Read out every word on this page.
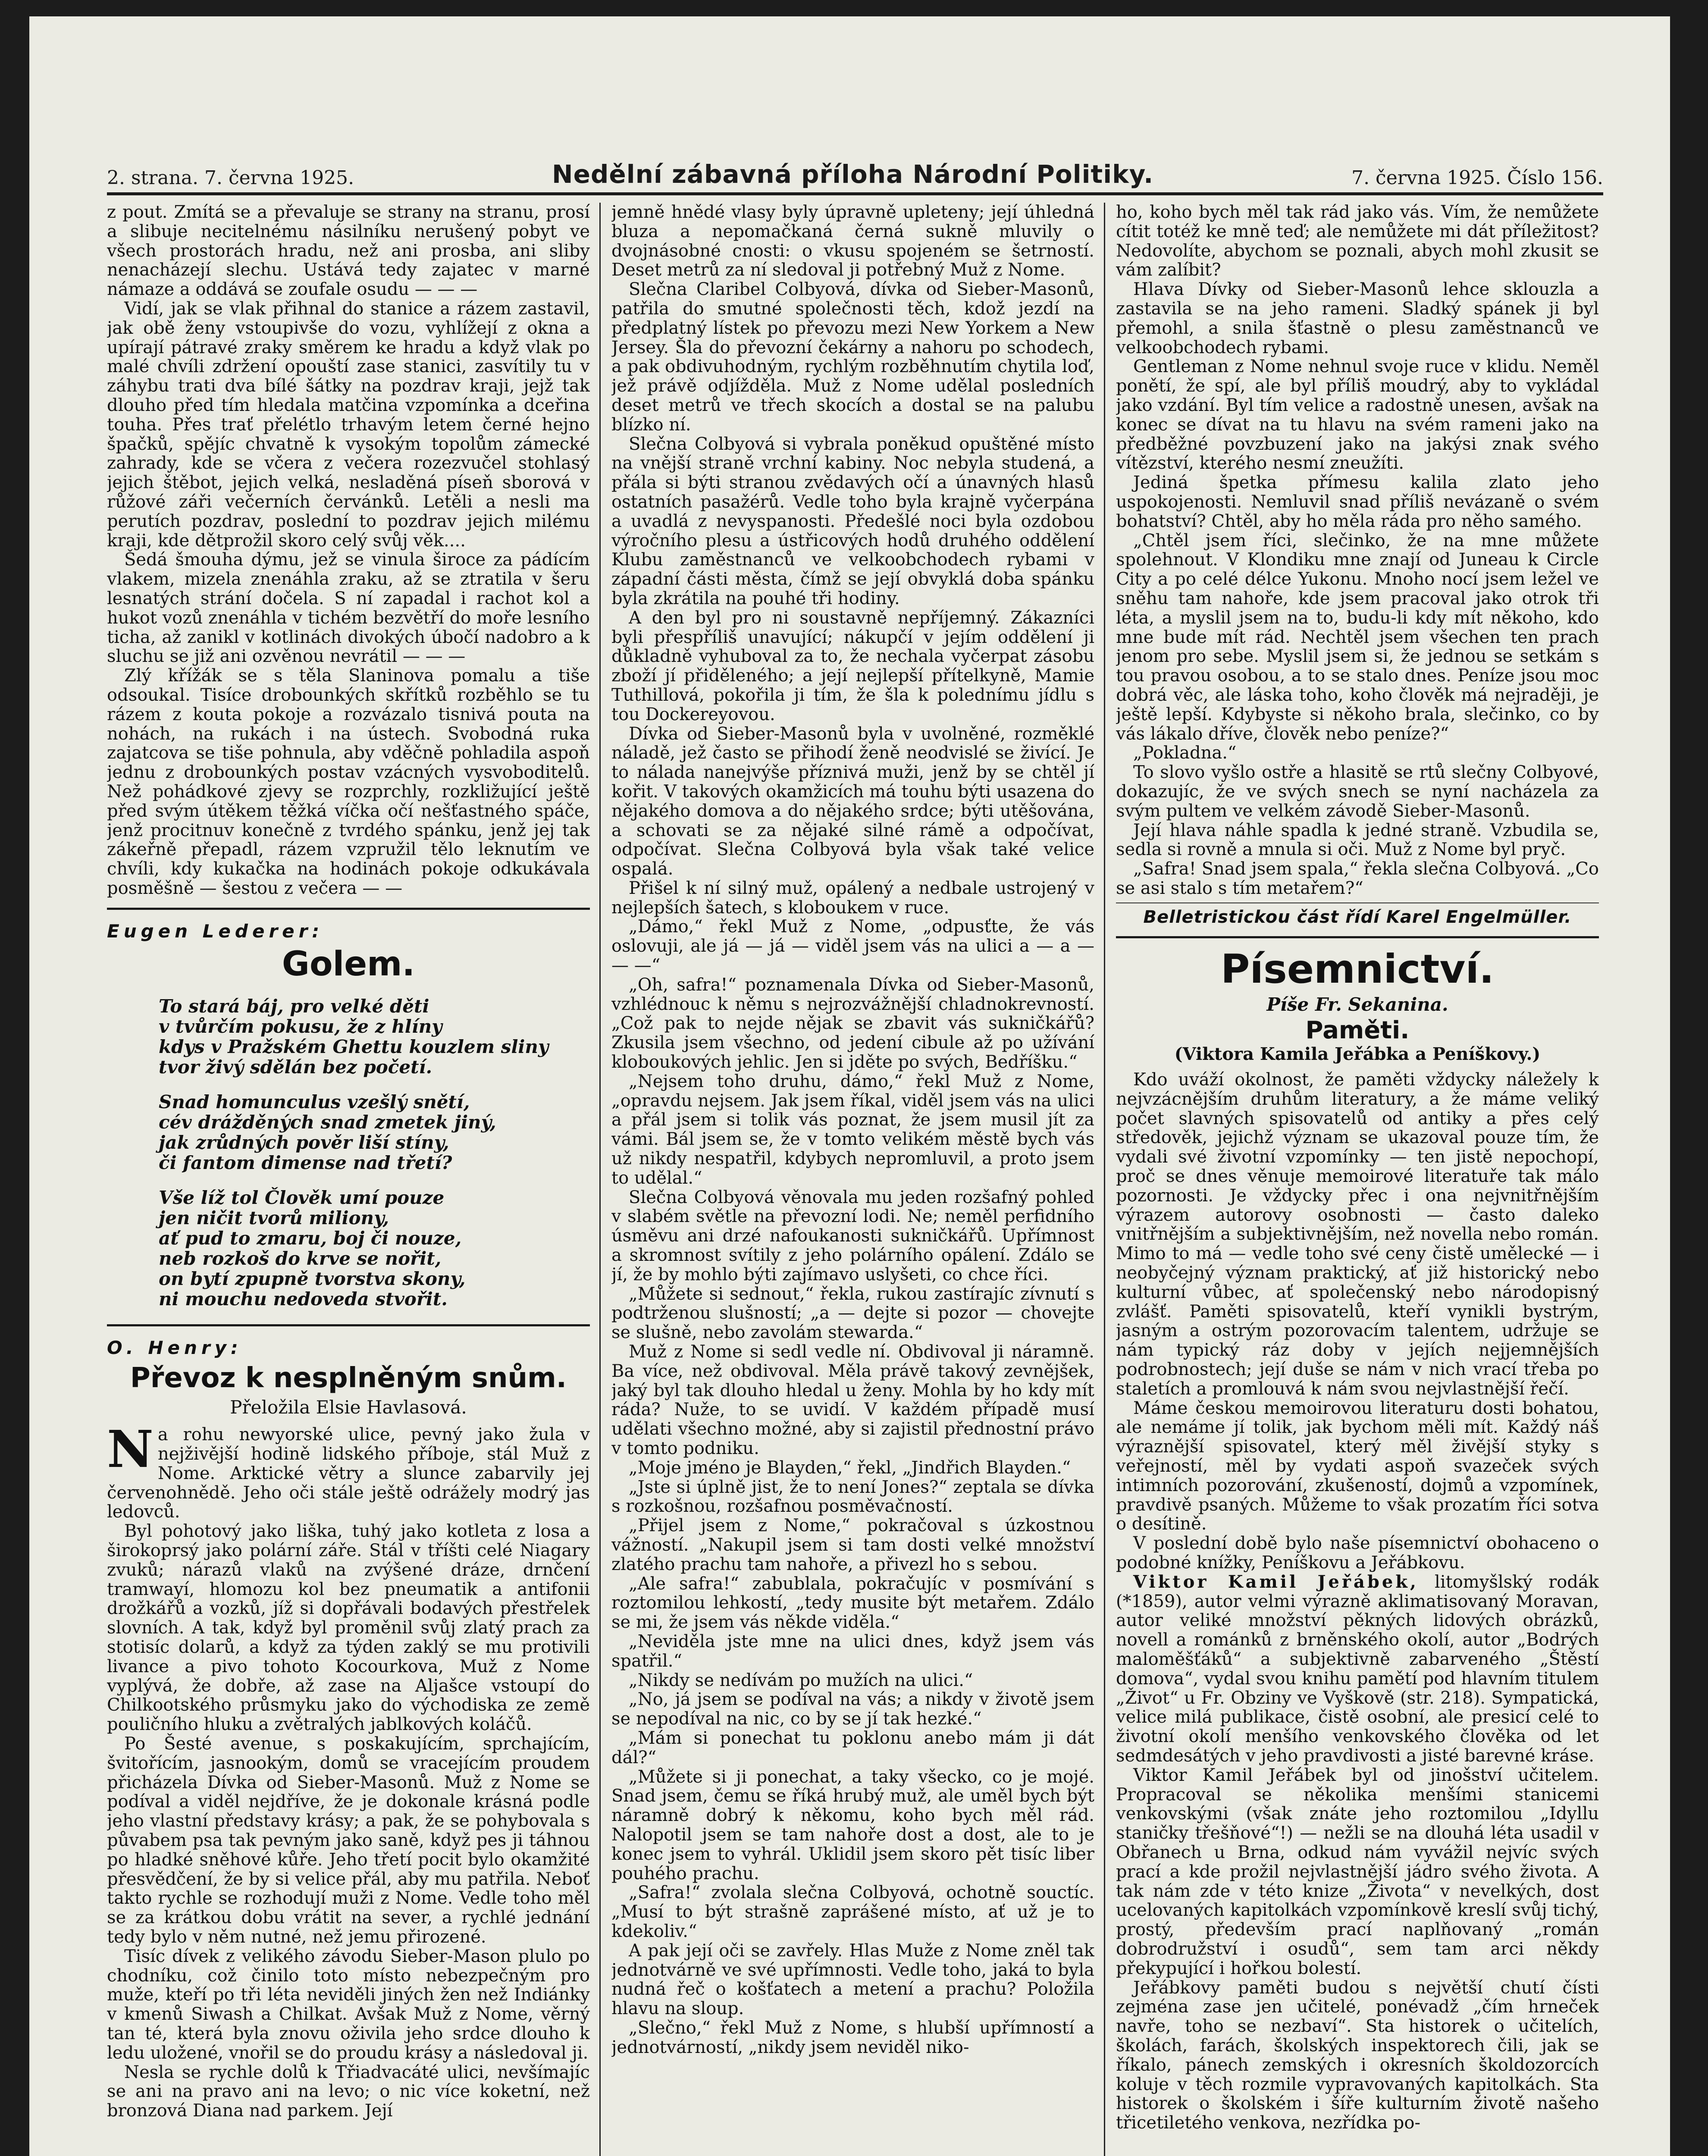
2. strana. 7. června 1925.	Nedělní zábavná příloha Národní Politiky.	7. června 1925. Číslo 156.

z pout. Zmítá se a převaluje se strany na stranu, prosí a slibuje necitelnému násilníku nerušený pobyt ve všech prostorách hradu, než ani prosba, ani sliby nenacházejí slechu. Ustává tedy zajatec v marné námaze a oddává se zoufale osudu — — —

Vidí, jak se vlak přihnal do stanice a rázem zastavil, jak obě ženy vstoupivše do vozu, vyhlížejí z okna a upírají pátravé zraky směrem ke hradu a když vlak po malé chvíli zdržení opouští zase stanici, zasvítily tu v záhybu trati dva bílé šátky na pozdrav kraji, jejž tak dlouho před tím hledala matčina vzpomínka a dceřina touha. Přes trať přelétlo trhavým letem černé hejno špačků, spějíc chvatně k vysokým topolům zámecké zahrady, kde se včera z večera rozezvučel stohlasý jejich štěbot, jejich velká, nesladěná píseň sborová v růžové záři večerních červánků. Letěli a nesli ma perutích pozdrav, poslední to pozdrav jejich milému kraji, kde dětprožil skoro celý svůj věk....

Šedá šmouha dýmu, jež se vinula široce za pádícím vlakem, mizela znenáhla zraku, až se ztratila v šeru lesnatých strání dočela. S ní zapadal i rachot kol a hukot vozů znenáhla v tichém bezvětří do moře lesního ticha, až zanikl v kotlinách divokých úbočí nadobro a k sluchu se již ani ozvěnou nevrátil — — —

Zlý křížák se s těla Slaninova pomalu a tiše odsoukal. Tisíce drobounkých skřítků rozběhlo se tu rázem z kouta pokoje a rozvázalo tisnivá pouta na nohách, na rukách i na ústech. Svobodná ruka zajatcova se tiše pohnula, aby vděčně pohladila aspoň jednu z drobounkých postav vzácných vysvoboditelů. Než pohádkové zjevy se rozprchly, rozkližující ještě před svým útěkem těžká víčka očí nešťastného spáče, jenž procitnuv konečně z tvrdého spánku, jenž jej tak zákeřně přepadl, rázem vzpružil tělo leknutím ve chvíli, kdy kukačka na hodinách pokoje odkukávala posměšně — šestou z večera — —

Eugen Lederer:
Golem.
To stará báj, pro velké děti
v tvůrčím pokusu, že z hlíny
kdys v Pražském Ghettu kouzlem sliny
tvor živý sdělán bez početí.
Snad homunculus vzešlý snětí,
cév drážděných snad zmetek jiný,
jak zrůdných pověr liší stíny,
či fantom dimense nad třetí?
Vše líž tol Člověk umí pouze
jen ničit tvorů miliony,
ať pud to zmaru, boj či nouze,
neb rozkoš do krve se nořit,
on bytí zpupně tvorstva skony,
ni mouchu nedoveda stvořit.
O. Henry:
Převoz k nesplněným snům.
Přeložila Elsie Havlasová.

Na rohu newyorské ulice, pevný jako žula v nejživější hodině lidského příboje, stál Muž z Nome. Arktické větry a slunce zabarvily jej červenohnědě. Jeho oči stále ještě odrážely modrý jas ledovců.

Byl pohotový jako liška, tuhý jako kotleta z losa a širokoprsý jako polární záře. Stál v tříšti celé Niagary zvuků; nárazů vlaků na zvýšené dráze, drnčení tramwayí, hlomozu kol bez pneumatik a antifonii drožkářů a vozků, jíž si dopřávali bodavých přestřelek slovních. A tak, když byl proměnil svůj zlatý prach za stotisíc dolarů, a když za týden zaklý se mu protivili livance a pivo tohoto Kocourkova, Muž z Nome vyplývá, že dobře, až zase na Aljašce vstoupí do Chilkootského průsmyku jako do východiska ze země pouličního hluku a zvětralých jablkových koláčů.

Po Šesté avenue, s poskakujícím, sprchajícím, švitořícím, jasnookým, domů se vracejícím proudem přicházela Dívka od Sieber-Masonů. Muž z Nome se podíval a viděl nejdříve, že je dokonale krásná podle jeho vlastní představy krásy; a pak, že se pohybovala s půvabem psa tak pevným jako saně, když pes ji táhnou po hladké sněhové kůře. Jeho třetí pocit bylo okamžité přesvědčení, že by si velice přál, aby mu patřila. Neboť takto rychle se rozhodují muži z Nome. Vedle toho měl se za krátkou dobu vrátit na sever, a rychlé jednání tedy bylo v něm nutné, než jemu přirozené.

Tisíc dívek z velikého závodu Sieber-Mason plulo po chodníku, což činilo toto místo nebezpečným pro muže, kteří po tři léta neviděli jiných žen než Indiánky v kmenů Siwash a Chilkat. Avšak Muž z Nome, věrný tan té, která byla znovu oživila jeho srdce dlouho k ledu uložené, vnořil se do proudu krásy a následoval ji.

Nesla se rychle dolů k Třiadvacáté ulici, nevšímajíc se ani na pravo ani na levo; o nic více koketní, než bronzová Diana nad parkem. Její

jemně hnědé vlasy byly úpravně upleteny; její úhledná bluza a nepomačkaná černá sukně mluvily o dvojnásobné cnosti: o vkusu spojeném se šetrností. Deset metrů za ní sledoval ji potřebný Muž z Nome.

Slečna Claribel Colbyová, dívka od Sieber-Masonů, patřila do smutné společnosti těch, kdož jezdí na předplatný lístek po převozu mezi New Yorkem a New Jersey. Šla do převozní čekárny a nahoru po schodech, a pak obdivuhodným, rychlým rozběhnutím chytila loď, jež právě odjížděla. Muž z Nome udělal posledních deset metrů ve třech skocích a dostal se na palubu blízko ní.

Slečna Colbyová si vybrala poněkud opuštěné místo na vnější straně vrchní kabiny. Noc nebyla studená, a přála si býti stranou zvědavých očí a únavných hlasů ostatních pasažérů. Vedle toho byla krajně vyčerpána a uvadlá z nevyspanosti. Předešlé noci byla ozdobou výročního plesu a ústřicových hodů druhého oddělení Klubu zaměstnanců ve velkoobchodech rybami v západní části města, čímž se její obvyklá doba spánku byla zkrátila na pouhé tři hodiny.

A den byl pro ni soustavně nepříjemný. Zákazníci byli přespříliš unavující; nákupčí v jejím oddělení ji důkladně vyhuboval za to, že nechala vyčerpat zásobu zboží jí přiděleného; a její nejlepší přítelkyně, Mamie Tuthillová, pokořila ji tím, že šla k polednímu jídlu s tou Dockereyovou.

Dívka od Sieber-Masonů byla v uvolněné, rozměklé náladě, jež často se přihodí ženě neodvislé se živící. Je to nálada nanejvýše příznivá muži, jenž by se chtěl jí kořit. V takových okamžicích má touhu býti usazena do nějakého domova a do nějakého srdce; býti utěšována, a schovati se za nějaké silné rámě a odpočívat, odpočívat. Slečna Colbyová byla však také velice ospalá.

Přišel k ní silný muž, opálený a nedbale ustrojený v nejlepších šatech, s kloboukem v ruce.

„Dámo,“ řekl Muž z Nome, „odpusťte, že vás oslovuji, ale já — já — viděl jsem vás na ulici a — a — — —“

„Oh, safra!“ poznamenala Dívka od Sieber-Masonů, vzhlédnouc k němu s nejrozvážnější chladnokrevností. „Což pak to nejde nějak se zbavit vás sukničkářů? Zkusila jsem všechno, od jedení cibule až po užívání kloboukových jehlic. Jen si jděte po svých, Bedříšku.“

„Nejsem toho druhu, dámo,“ řekl Muž z Nome, „opravdu nejsem. Jak jsem říkal, viděl jsem vás na ulici a přál jsem si tolik vás poznat, že jsem musil jít za vámi. Bál jsem se, že v tomto velikém městě bych vás už nikdy nespatřil, kdybych nepromluvil, a proto jsem to udělal.“

Slečna Colbyová věnovala mu jeden rozšafný pohled v slabém světle na převozní lodi. Ne; neměl perfidního úsměvu ani drzé nafoukanosti sukničkářů. Upřímnost a skromnost svítily z jeho polárního opálení. Zdálo se jí, že by mohlo býti zajímavo uslyšeti, co chce říci.

„Můžete si sednout,“ řekla, rukou zastírajíc zívnutí s podtrženou slušností; „a — dejte si pozor — chovejte se slušně, nebo zavolám stewarda.“

Muž z Nome si sedl vedle ní. Obdivoval ji náramně. Ba více, než obdivoval. Měla právě takový zevnějšek, jaký byl tak dlouho hledal u ženy. Mohla by ho kdy mít ráda? Nuže, to se uvidí. V každém případě musí udělati všechno možné, aby si zajistil přednostní právo v tomto podniku.

„Moje jméno je Blayden,“ řekl, „Jindřich Blayden.“

„Jste si úplně jist, že to není Jones?“ zeptala se dívka s rozkošnou, rozšafnou posměvačností.

„Přijel jsem z Nome,“ pokračoval s úzkostnou vážností. „Nakupil jsem si tam dosti velké množství zlatého prachu tam nahoře, a přivezl ho s sebou.

„Ale safra!“ zabublala, pokračujíc v posmívání s roztomilou lehkostí, „tedy musite být metařem. Zdálo se mi, že jsem vás někde viděla.“

„Neviděla jste mne na ulici dnes, když jsem vás spatřil.“

„Nikdy se nedívám po mužích na ulici.“

„No, já jsem se podíval na vás; a nikdy v životě jsem se nepodíval na nic, co by se jí tak hezké.“

„Mám si ponechat tu poklonu anebo mám ji dát dál?“

„Můžete si ji ponechat, a taky všecko, co je mojé. Snad jsem, čemu se říká hrubý muž, ale uměl bych být náramně dobrý k někomu, koho bych měl rád. Nalopotil jsem se tam nahoře dost a dost, ale to je konec jsem to vyhrál. Uklidil jsem skoro pět tisíc liber pouhého prachu.

„Safra!“ zvolala slečna Colbyová, ochotně souctíc. „Musí to být strašně zaprášené místo, ať už je to kdekoliv.“

A pak její oči se zavřely. Hlas Muže z Nome zněl tak jednotvárně ve své upřímnosti. Vedle toho, jaká to byla nudná řeč o košťatech a metení a prachu? Položila hlavu na sloup.

„Slečno,“ řekl Muž z Nome, s hlubší upřímností a jednotvárností, „nikdy jsem neviděl niko-

ho, koho bych měl tak rád jako vás. Vím, že nemůžete cítit totéž ke mně teď; ale nemůžete mi dát příležitost? Nedovolíte, abychom se poznali, abych mohl zkusit se vám zalíbit?

Hlava Dívky od Sieber-Masonů lehce sklouzla a zastavila se na jeho rameni. Sladký spánek ji byl přemohl, a snila šťastně o plesu zaměstnanců ve velkoobchodech rybami.

Gentleman z Nome nehnul svoje ruce v klidu. Neměl ponětí, že spí, ale byl příliš moudrý, aby to vykládal jako vzdání. Byl tím velice a radostně unesen, avšak na konec se dívat na tu hlavu na svém rameni jako na předběžné povzbuzení jako na jakýsi znak svého vítězství, kterého nesmí zneužíti.

Jediná špetka přímesu kalila zlato jeho uspokojenosti. Nemluvil snad příliš nevázaně o svém bohatství? Chtěl, aby ho měla ráda pro něho samého.

„Chtěl jsem říci, slečinko, že na mne můžete spolehnout. V Klondiku mne znají od Juneau k Circle City a po celé délce Yukonu. Mnoho nocí jsem ležel ve sněhu tam nahoře, kde jsem pracoval jako otrok tři léta, a myslil jsem na to, budu-li kdy mít někoho, kdo mne bude mít rád. Nechtěl jsem všechen ten prach jenom pro sebe. Myslil jsem si, že jednou se setkám s tou pravou osobou, a to se stalo dnes. Peníze jsou moc dobrá věc, ale láska toho, koho člověk má nejraději, je ještě lepší. Kdybyste si někoho brala, slečinko, co by vás lákalo dříve, člověk nebo peníze?“

„Pokladna.“

To slovo vyšlo ostře a hlasitě se rtů slečny Colbyové, dokazujíc, že ve svých snech se nyní nacházela za svým pultem ve velkém závodě Sieber-Masonů.

Její hlava náhle spadla k jedné straně. Vzbudila se, sedla si rovně a mnula si oči. Muž z Nome byl pryč.

„Safra! Snad jsem spala,“ řekla slečna Colbyová. „Co se asi stalo s tím metařem?“

Belletristickou část řídí Karel Engelmüller.
Písemnictví.
Píše Fr. Sekanina.
Paměti.
(Viktora Kamila Jeřábka a Peníškovy.)

Kdo uváží okolnost, že paměti vždycky náležely k nejvzácnějším druhům literatury, a že máme veliký počet slavných spisovatelů od antiky a přes celý středověk, jejichž význam se ukazoval pouze tím, že vydali své životní vzpomínky — ten jistě nepochopí, proč se dnes věnuje memoirové literatuře tak málo pozornosti. Je vždycky přec i ona nejvnitřnějším výrazem autorovy osobnosti — často daleko vnitřnějším a subjektivnějším, než novella nebo román. Mimo to má — vedle toho své ceny čistě umělecké — i neobyčejný význam praktický, ať již historický nebo kulturní vůbec, ať společenský nebo národopisný zvlášť. Paměti spisovatelů, kteří vynikli bystrým, jasným a ostrým pozorovacím talentem, udržuje se nám typický ráz doby v jejích nejjemnějších podrobnostech; její duše se nám v nich vrací třeba po staletích a promlouvá k nám svou nejvlastnější řečí.

Máme českou memoirovou literaturu dosti bohatou, ale nemáme jí tolik, jak bychom měli mít. Každý náš výraznější spisovatel, který měl živější styky s veřejností, měl by vydati aspoň svazeček svých intimních pozorování, zkušeností, dojmů a vzpomínek, pravdivě psaných. Můžeme to však prozatím říci sotva o desítině.

V poslední době bylo naše písemnictví obohaceno o podobné knížky, Peníškovu a Jeřábkovu.

Viktor Kamil Jeřábek, litomyšlský rodák (*1859), autor velmi výrazně aklimatisovaný Moravan, autor veliké množství pěkných lidových obrázků, novell a románků z brněnského okolí, autor „Bodrých maloměšťáků“ a subjektivně zabarveného „Štěstí domova“, vydal svou knihu pamětí pod hlavním titulem „Život“ u Fr. Obziny ve Vyškově (str. 218). Sympatická, velice milá publikace, čistě osobní, ale presicí celé to životní okolí menšího venkovského člověka od let sedmdesátých v jeho pravdivosti a jisté barevné kráse.

Viktor Kamil Jeřábek byl od jinošství učitelem. Propracoval se několika menšími stanicemi venkovskými (však znáte jeho roztomilou „Idyllu staničky třešňové“!) — nežli se na dlouhá léta usadil v Obřanech u Brna, odkud nám vyvážil nejvíc svých prací a kde prožil nejvlastnější jádro svého života. A tak nám zde v této knize „Života“ v nevelkých, dost ucelovaných kapitolkách vzpomínkově kreslí svůj tichý, prostý, především prací naplňovaný „román dobrodružství i osudů“, sem tam arci někdy překypující i hořkou bolestí.

Jeřábkovy paměti budou s největší chutí čísti zejména zase jen učitelé, ponévadž „čím hrneček navře, toho se nezbaví“. Sta historek o učitelích, školách, farách, školských inspektorech čili, jak se říkalo, pánech zemských i okresních školdozorcích koluje v těch rozmile vypravovaných kapitolkách. Sta historek o školském i šíře kulturním životě našeho třicetiletého venkova, nezřídka po-
